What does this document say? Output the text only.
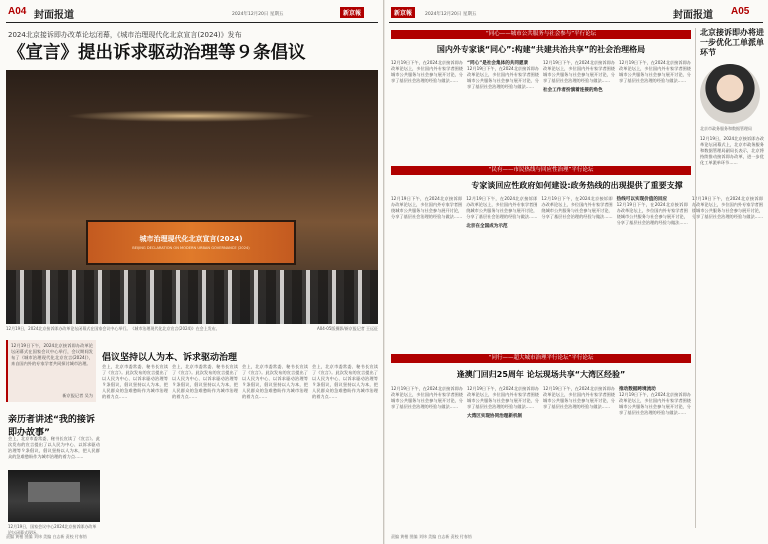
A04 封面报道	2024年12月20日 星期五	新京報
2024北京接诉即办改革论坛闭幕，《城市治理现代化北京宣言(2024)》发布
《宣言》提出诉求驱动治理等９条倡议
城市治理现代化北京宣言(2024)
BEIJING DECLARATION ON MODERN URBAN GOVERNANCE (2024)
12月19日，2024北京接诉即办改革论坛闭幕式在国家会议中心举行。《城市治理现代化北京宣言(2024)》在会上发布。	A04-05版摄影/新京报记者 王远征
12月19日下午，2024北京接诉即办改革论坛闭幕式在国家会议中心举行，会议期间发布了《城市治理现代化北京宣言(2024)》，来自国内外的专家学者共同探讨城市治理。
新京报记者 吴为
倡议坚持以人为本、诉求驱动治理
会上，北京市委常委、秘书长宣读了《宣言》。此次发布的宣言提出了以人民为中心、以诉求驱动治理等９条倡议，倡议坚持以人为本，把人民群众的急难愁盼作为城市治理的着力点……
会上，北京市委常委、秘书长宣读了《宣言》。此次发布的宣言提出了以人民为中心、以诉求驱动治理等９条倡议，倡议坚持以人为本，把人民群众的急难愁盼作为城市治理的着力点……
会上，北京市委常委、秘书长宣读了《宣言》。此次发布的宣言提出了以人民为中心、以诉求驱动治理等９条倡议，倡议坚持以人为本，把人民群众的急难愁盼作为城市治理的着力点……
会上，北京市委常委、秘书长宣读了《宣言》。此次发布的宣言提出了以人民为中心、以诉求驱动治理等９条倡议，倡议坚持以人为本，把人民群众的急难愁盼作为城市治理的着力点……
亲历者讲述“我的接诉即办故事”
会上，北京市委常委、秘书长宣读了《宣言》。此次发布的宣言提出了以人民为中心、以诉求驱动治理等９条倡议，倡议坚持以人为本，把人民群众的急难愁盼作为城市治理的着力点……
12月19日，国家会议中心2024北京接诉即办改革论坛闭幕式现场。
责编 黄楷 图编 刘炜 美编 白志新 责校 付春愔
新京報	2024年12月20日 星期五	封面报道 A05
“同心——城市公共服务与社会参与”平行论坛
国内外专家谈“同心”:构建“共建共治共享”的社会治理格局
12月19日下午，在2024北京接诉即办改革论坛上，多位国内外专家学者围绕城市公共服务与社会参与展开讨论，分享了基层社会治理的经验与做法……
“同心”是社会集体的共同愿景
12月19日下午，在2024北京接诉即办改革论坛上，多位国内外专家学者围绕城市公共服务与社会参与展开讨论，分享了基层社会治理的经验与做法……
12月19日下午，在2024北京接诉即办改革论坛上，多位国内外专家学者围绕城市公共服务与社会参与展开讨论，分享了基层社会治理的经验与做法……
社会工作者扮演着连接的角色
12月19日下午，在2024北京接诉即办改革论坛上，多位国内外专家学者围绕城市公共服务与社会参与展开讨论，分享了基层社会治理的经验与做法……
“民有——市民热线与回应性治理”平行论坛
专家谈回应性政府如何建设:政务热线的出现提供了重要支撑
12月19日下午，在2024北京接诉即办改革论坛上，多位国内外专家学者围绕城市公共服务与社会参与展开讨论，分享了基层社会治理的经验与做法……
12月19日下午，在2024北京接诉即办改革论坛上，多位国内外专家学者围绕城市公共服务与社会参与展开讨论，分享了基层社会治理的经验与做法……
北京在全国成为示范
12月19日下午，在2024北京接诉即办改革论坛上，多位国内外专家学者围绕城市公共服务与社会参与展开讨论，分享了基层社会治理的经验与做法……
热线可以实现价值的回应
12月19日下午，在2024北京接诉即办改革论坛上，多位国内外专家学者围绕城市公共服务与社会参与展开讨论，分享了基层社会治理的经验与做法……
12月19日下午，在2024北京接诉即办改革论坛上，多位国内外专家学者围绕城市公共服务与社会参与展开讨论，分享了基层社会治理的经验与做法……
“同行——超大城市治理平行论坛”平行论坛
逢澳门回归25周年 论坛现场共享“大湾区经验”
12月19日下午，在2024北京接诉即办改革论坛上，多位国内外专家学者围绕城市公共服务与社会参与展开讨论，分享了基层社会治理的经验与做法……
12月19日下午，在2024北京接诉即办改革论坛上，多位国内外专家学者围绕城市公共服务与社会参与展开讨论，分享了基层社会治理的经验与做法……
大湾区实现协同治理新机制
12月19日下午，在2024北京接诉即办改革论坛上，多位国内外专家学者围绕城市公共服务与社会参与展开讨论，分享了基层社会治理的经验与做法……
推动数据跨境流动
12月19日下午，在2024北京接诉即办改革论坛上，多位国内外专家学者围绕城市公共服务与社会参与展开讨论，分享了基层社会治理的经验与做法……
北京接诉即办将进一步优化工单派单环节
北京市政务服务和数据管理局
12月19日，2024北京接诉即办改革论坛闭幕式上，北京市政务服务和数据管理局副局长表示，北京将持续推动接诉即办改革，进一步优化工单派单环节……
责编 黄楷 图编 刘炜 美编 白志新 责校 付春愔
